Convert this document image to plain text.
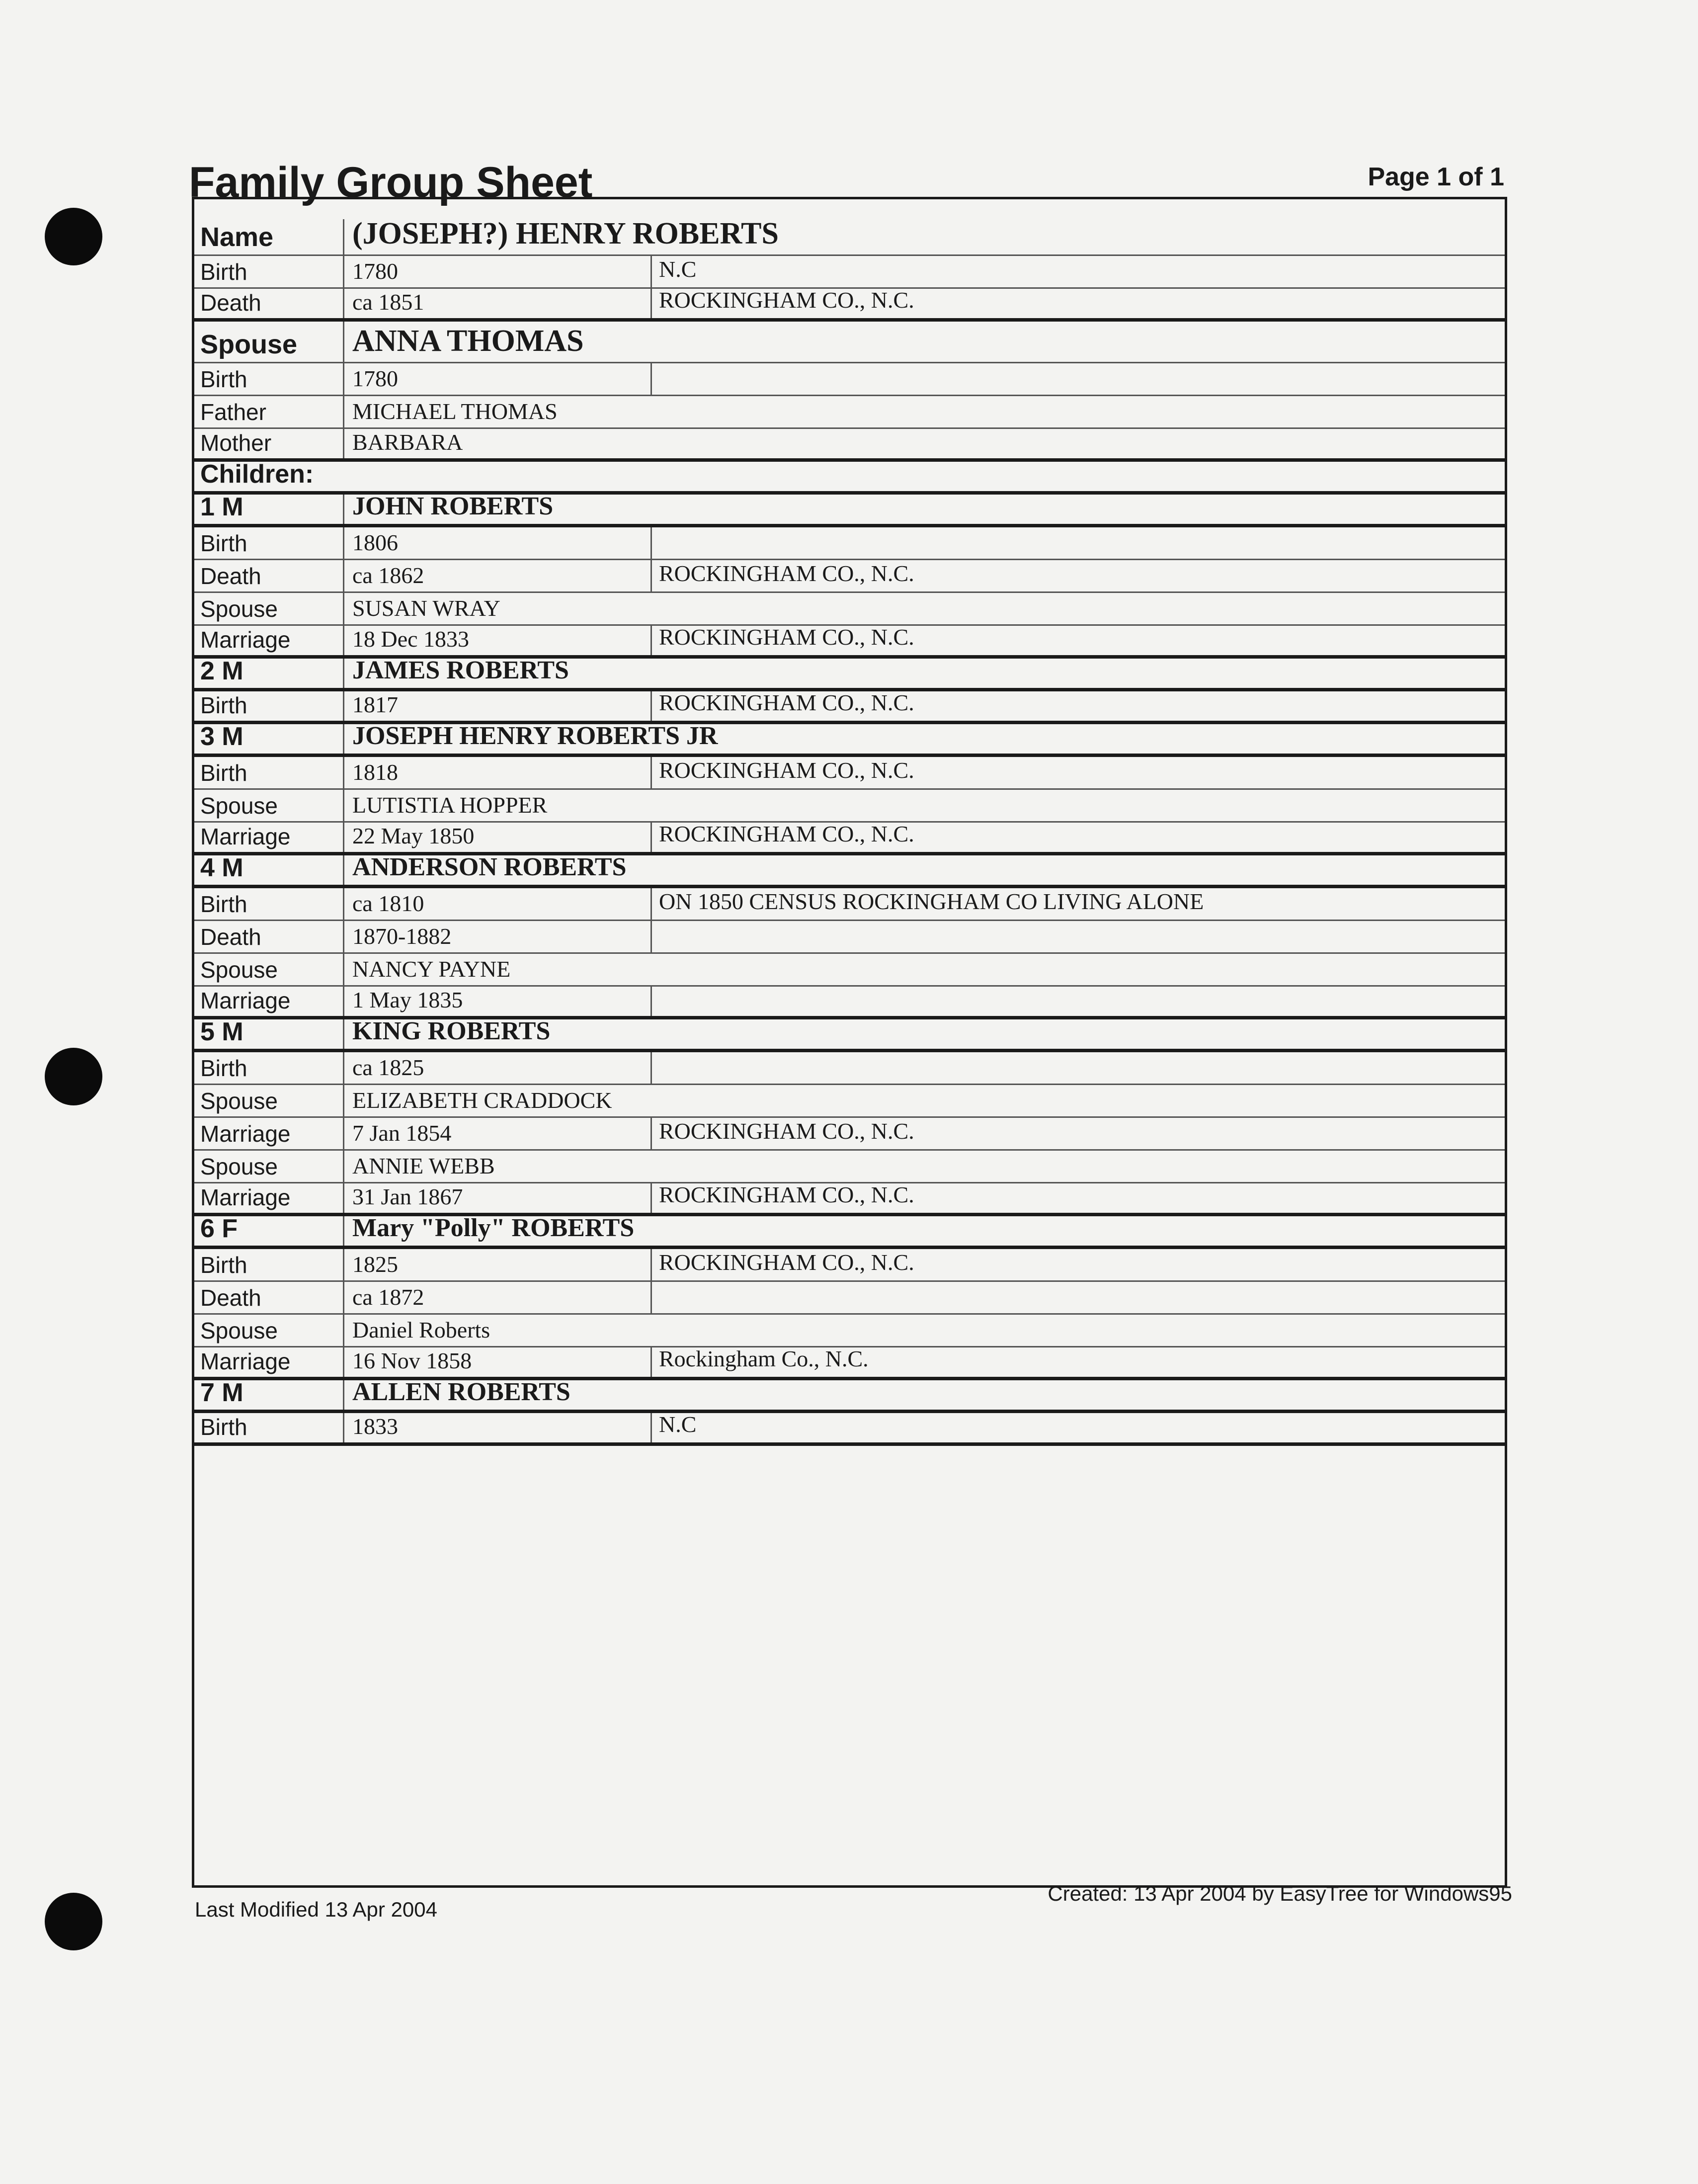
Family Group Sheet	Page 1 of 1
Name	(JOSEPH?) HENRY ROBERTS
Birth	1780	N.C
Death	ca 1851	ROCKINGHAM CO., N.C.
Spouse	ANNA THOMAS
Birth	1780
Father	MICHAEL THOMAS
Mother	BARBARA
Children:
1 M	JOHN ROBERTS
Birth	1806
Death	ca 1862	ROCKINGHAM CO., N.C.
Spouse	SUSAN WRAY
Marriage	18 Dec 1833	ROCKINGHAM CO., N.C.
2 M	JAMES ROBERTS
Birth	1817	ROCKINGHAM CO., N.C.
3 M	JOSEPH HENRY ROBERTS JR
Birth	1818	ROCKINGHAM CO., N.C.
Spouse	LUTISTIA HOPPER
Marriage	22 May 1850	ROCKINGHAM CO., N.C.
4 M	ANDERSON ROBERTS
Birth	ca 1810	ON 1850 CENSUS ROCKINGHAM CO LIVING ALONE
Death	1870-1882
Spouse	NANCY PAYNE
Marriage	1 May 1835
5 M	KING ROBERTS
Birth	ca 1825
Spouse	ELIZABETH CRADDOCK
Marriage	7 Jan 1854	ROCKINGHAM CO., N.C.
Spouse	ANNIE WEBB
Marriage	31 Jan 1867	ROCKINGHAM CO., N.C.
6 F	Mary "Polly" ROBERTS
Birth	1825	ROCKINGHAM CO., N.C.
Death	ca 1872
Spouse	Daniel Roberts
Marriage	16 Nov 1858	Rockingham Co., N.C.
7 M	ALLEN ROBERTS
Birth	1833	N.C
Last Modified 13 Apr 2004
Created: 13 Apr 2004 by EasyTree for Windows95
